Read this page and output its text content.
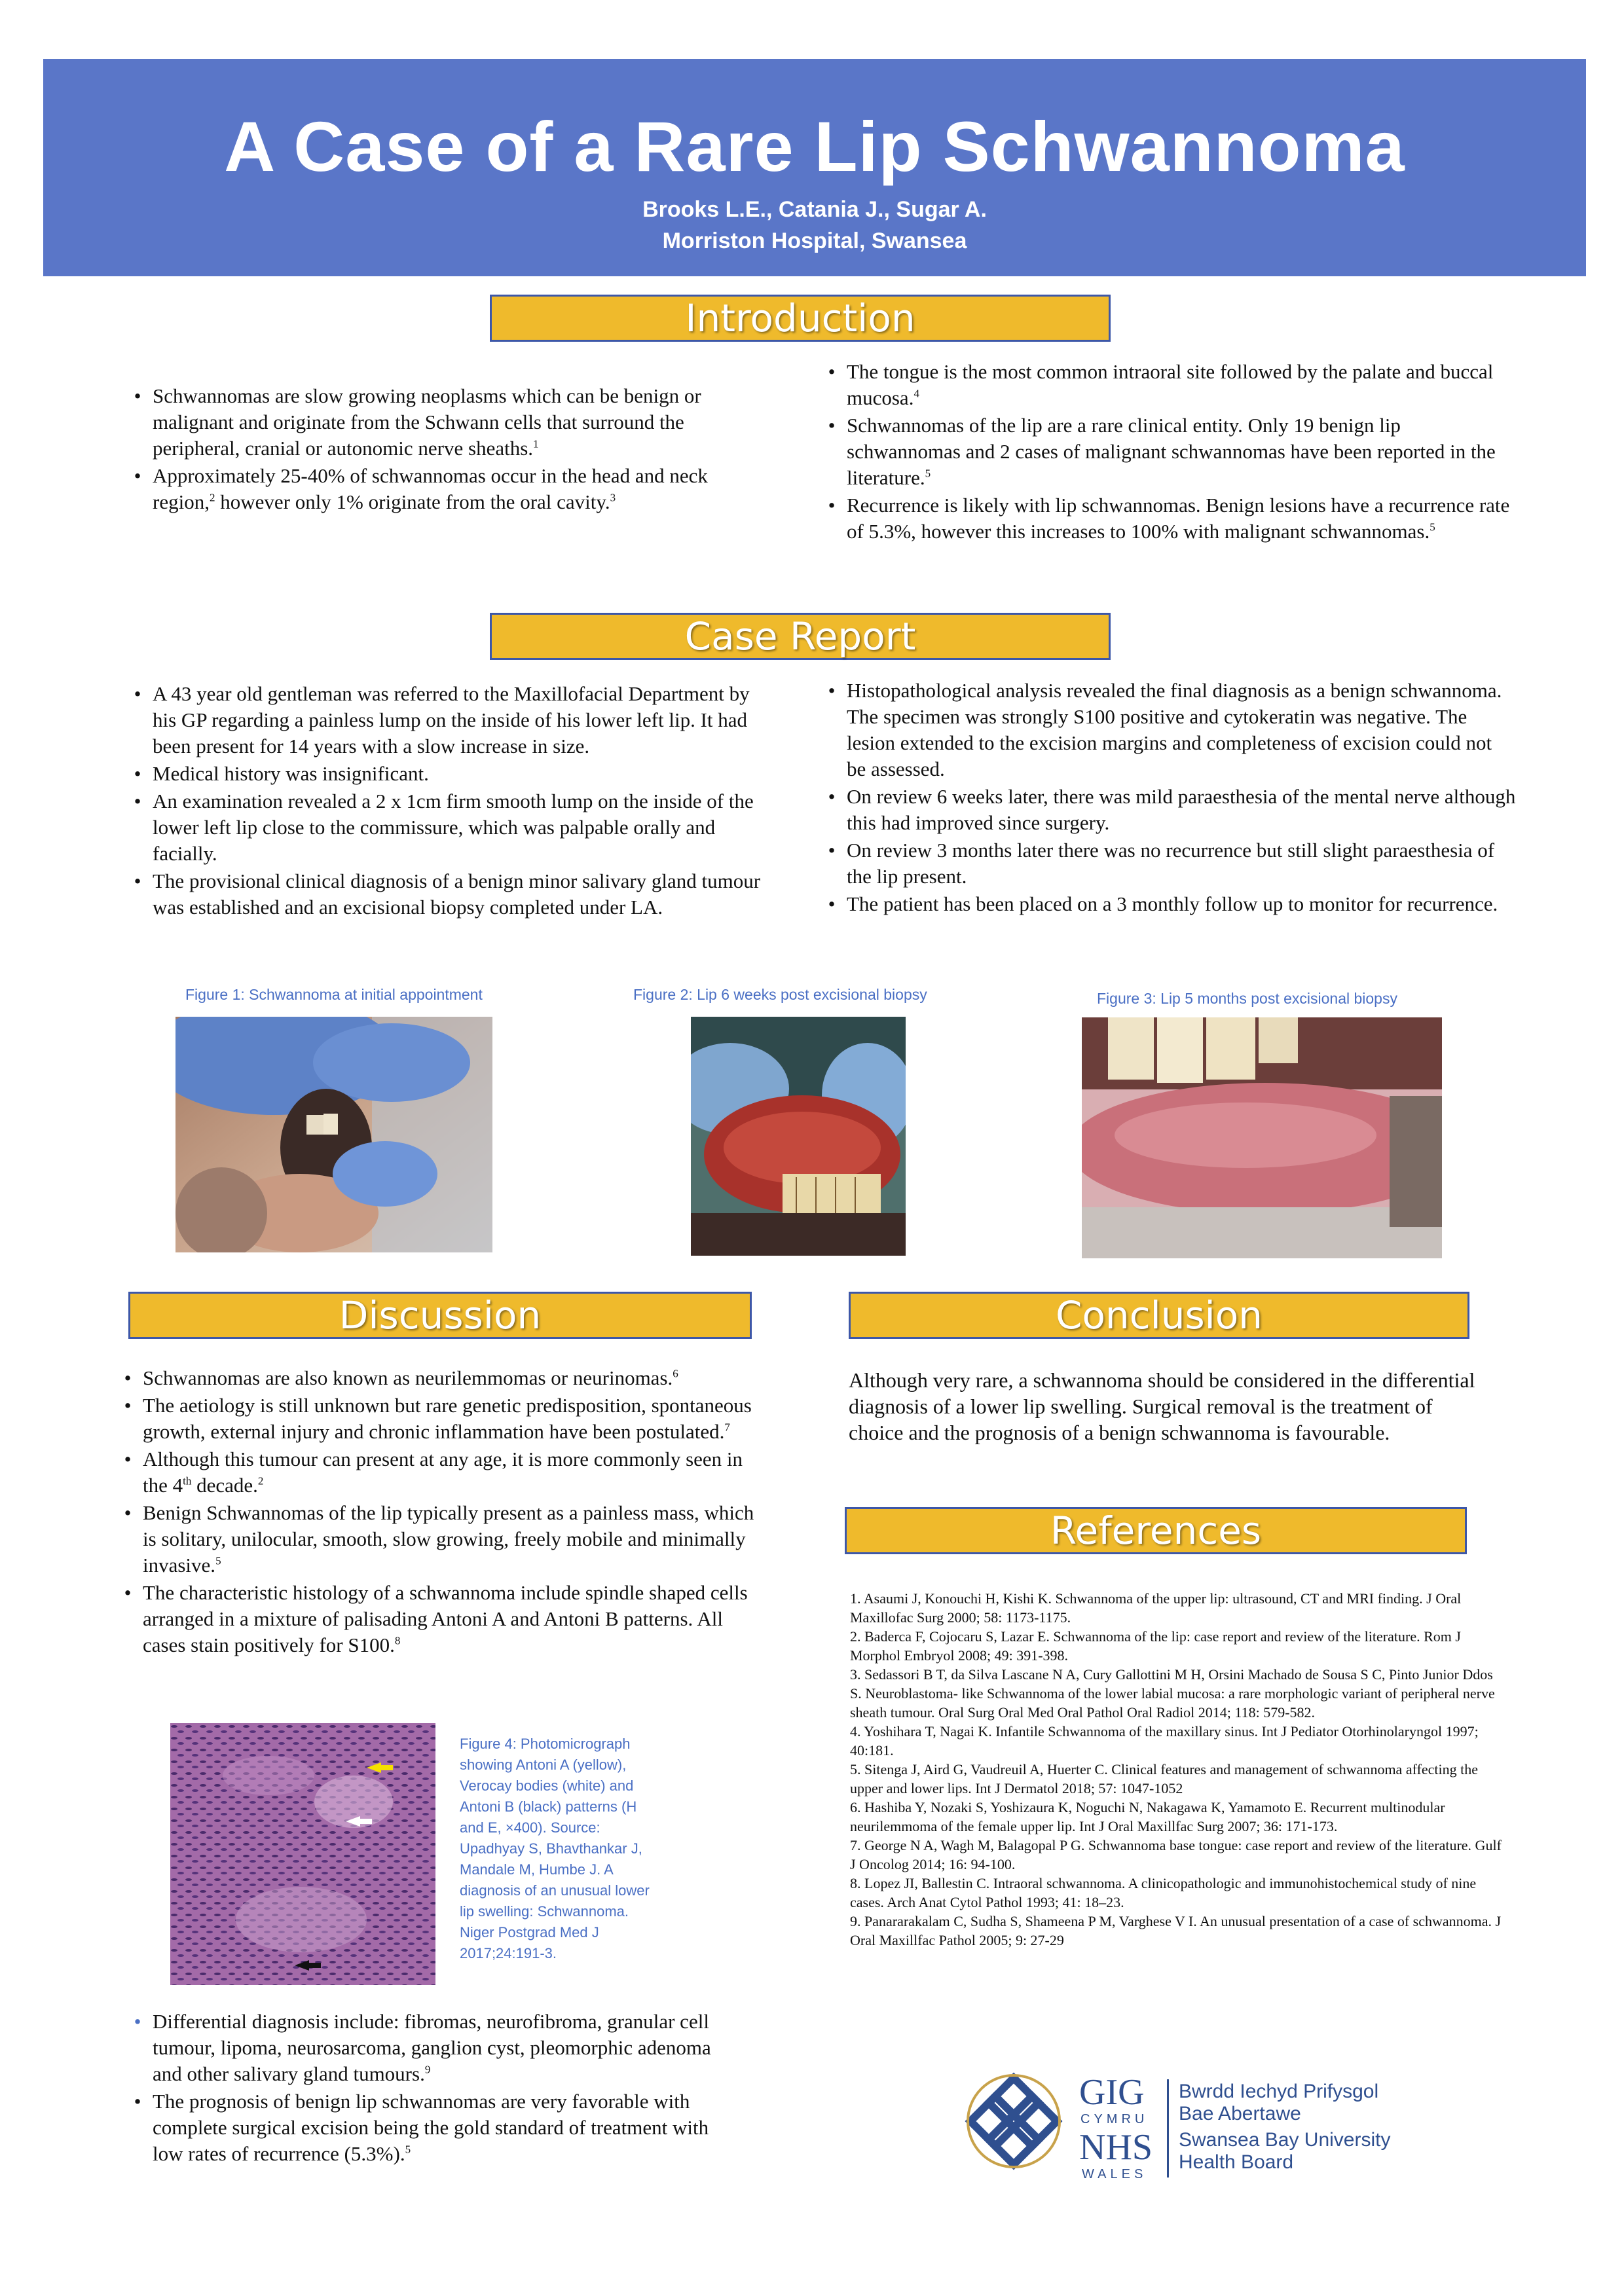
A Case of a Rare Lip Schwannoma
Brooks L.E., Catania J., Sugar A.
Morriston Hospital, Swansea
Introduction
• Schwannomas are slow growing neoplasms which can be benign or malignant and originate from the Schwann cells that surround the peripheral, cranial or autonomic nerve sheaths.$^1$
• Approximately 25-40% of schwannomas occur in the head and neck region,$^2$ however only 1% originate from the oral cavity.$^3$
• The tongue is the most common intraoral site followed by the palate and buccal mucosa.$^4$
• Schwannomas of the lip are a rare clinical entity. Only 19 benign lip schwannomas and 2 cases of malignant schwannomas have been reported in the literature.$^5$
• Recurrence is likely with lip schwannomas. Benign lesions have a recurrence rate of 5.3%, however this increases to 100% with malignant schwannomas.$^5$
Case Report
• A 43 year old gentleman was referred to the Maxillofacial Department by his GP regarding a painless lump on the inside of his lower left lip. It had been present for 14 years with a slow increase in size.
• Medical history was insignificant.
• An examination revealed a 2 x 1cm firm smooth lump on the inside of the lower left lip close to the commissure, which was palpable orally and facially.
• The provisional clinical diagnosis of a benign minor salivary gland tumour was established and an excisional biopsy completed under LA.
• Histopathological analysis revealed the final diagnosis as a benign schwannoma. The specimen was strongly S100 positive and cytokeratin was negative. The lesion extended to the excision margins and completeness of excision could not be assessed.
• On review 6 weeks later, there was mild paraesthesia of the mental nerve although this had improved since surgery.
• On review 3 months later there was no recurrence but still slight paraesthesia of the lip present.
• The patient has been placed on a 3 monthly follow up to monitor for recurrence.
Figure 1: Schwannoma at initial appointment	Figure 2: Lip 6 weeks post excisional biopsy	Figure 3: Lip 5 months post excisional biopsy
Discussion
• Schwannomas are also known as neurilemmomas or neurinomas.$^6$
• The aetiology is still unknown but rare genetic predisposition, spontaneous growth, external injury and chronic inflammation have been postulated.$^7$
• Although this tumour can present at any age, it is more commonly seen in the 4th decade.$^2$
• Benign Schwannomas of the lip typically present as a painless mass, which is solitary, unilocular, smooth, slow growing, freely mobile and minimally invasive.$^5$
• The characteristic histology of a schwannoma include spindle shaped cells arranged in a mixture of palisading Antoni A and Antoni B patterns. All cases stain positively for S100.$^8$
Figure 4: Photomicrograph
showing Antoni A (yellow),
Verocay bodies (white) and
Antoni B (black) patterns (H
and E, ×400). Source:
Upadhyay S, Bhavthankar J,
Mandale M, Humbe J. A
diagnosis of an unusual lower
lip swelling: Schwannoma.
Niger Postgrad Med J
2017;24:191-3.
• Differential diagnosis include: fibromas, neurofibroma, granular cell tumour, lipoma, neurosarcoma, ganglion cyst, pleomorphic adenoma and other salivary gland tumours.$^9$
• The prognosis of benign lip schwannomas are very favorable with complete surgical excision being the gold standard of treatment with low rates of recurrence (5.3%).$^5$
Conclusion
Although very rare, a schwannoma should be considered in the differential diagnosis of a lower lip swelling. Surgical removal is the treatment of choice and the prognosis of a benign schwannoma is favourable.
References

1. Asaumi J, Konouchi H, Kishi K. Schwannoma of the upper lip: ultrasound, CT and MRI finding. J Oral Maxillofac Surg 2000; 58: 1173-1175.

2. Baderca F, Cojocaru S, Lazar E. Schwannoma of the lip: case report and review of the literature. Rom J Morphol Embryol 2008; 49: 391-398.

3. Sedassori B T, da Silva Lascane N A, Cury Gallottini M H, Orsini Machado de Sousa S C, Pinto Junior Ddos S. Neuroblastoma- like Schwannoma of the lower labial mucosa: a rare morphologic variant of peripheral nerve sheath tumour. Oral Surg Oral Med Oral Pathol Oral Radiol 2014; 118: 579-582.

4. Yoshihara T, Nagai K. Infantile Schwannoma of the maxillary sinus. Int J Pediator Otorhinolaryngol 1997; 40:181.

5. Sitenga J, Aird G, Vaudreuil A, Huerter C. Clinical features and management of schwannoma affecting the upper and lower lips. Int J Dermatol 2018; 57: 1047-1052

6. Hashiba Y, Nozaki S, Yoshizaura K, Noguchi N, Nakagawa K, Yamamoto E. Recurrent multinodular neurilemmoma of the female upper lip. Int J Oral Maxillfac Surg 2007; 36: 171-173.

7. George N A, Wagh M, Balagopal P G. Schwannoma base tongue: case report and review of the literature. Gulf J Oncolog 2014; 16: 94-100.

8. Lopez JI, Ballestin C. Intraoral schwannoma. A clinicopathologic and immunohistochemical study of nine cases. Arch Anat Cytol Pathol 1993; 41: 18–23.

9. Panararakalam C, Sudha S, Shameena P M, Varghese V I. An unusual presentation of a case of schwannoma. J Oral Maxillfac Pathol 2005; 9: 27-29

GIG
CYMRU
NHS
WALES
Bwrdd Iechyd Prifysgol
Bae Abertawe
Swansea Bay University
Health Board
